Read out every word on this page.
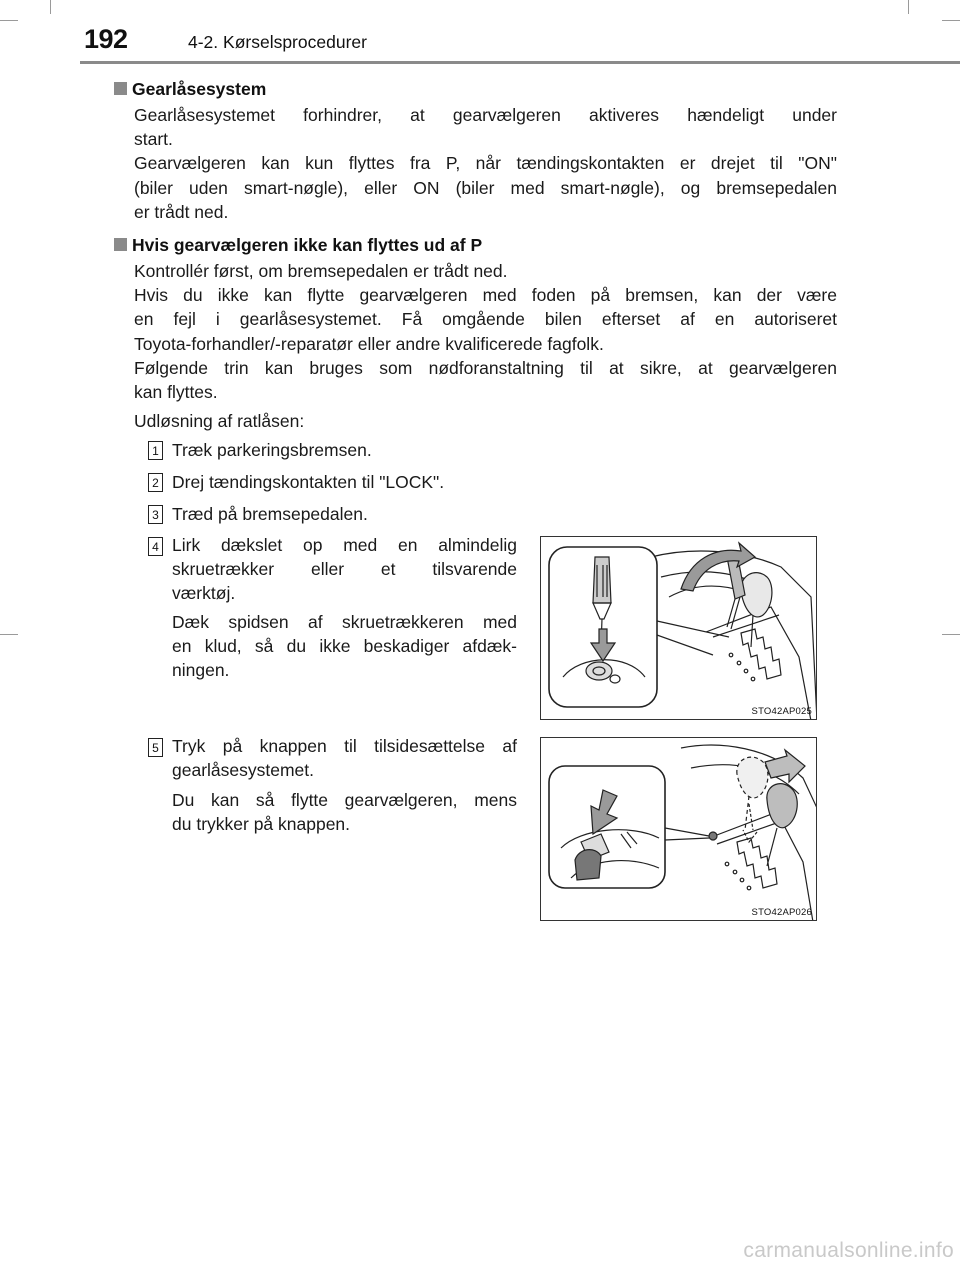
192	4-2. Kørselsprocedurer
Gearlåsesystem
Gearlåsesystemet forhindrer, at gearvælgeren aktiveres hændeligt under
start.
Gearvælgeren kan kun flyttes fra P, når tændingskontakten er drejet til "ON"
(biler uden smart-nøgle), eller ON (biler med smart-nøgle), og bremsepedalen
er trådt ned.
Hvis gearvælgeren ikke kan flyttes ud af P
Kontrollér først, om bremsepedalen er trådt ned.
Hvis du ikke kan flytte gearvælgeren med foden på bremsen, kan der være
en fejl i gearlåsesystemet. Få omgående bilen efterset af en autoriseret
Toyota-forhandler/-reparatør eller andre kvalificerede fagfolk.
Følgende trin kan bruges som nødforanstaltning til at sikre, at gearvælgeren
kan flyttes.
Udløsning af ratlåsen:
1 Træk parkeringsbremsen.
2 Drej tændingskontakten til "LOCK".
3 Træd på bremsepedalen.
4 Lirk dækslet op med en almindelig
skruetrækker eller et tilsvarende
værktøj.
Dæk spidsen af skruetrækkeren med
en klud, så du ikke beskadiger afdæk-
ningen.
5 Tryk på knappen til tilsidesættelse af
gearlåsesystemet.
Du kan så flytte gearvælgeren, mens
du trykker på knappen.
STO42AP025
STO42AP026
carmanualsonline.info
